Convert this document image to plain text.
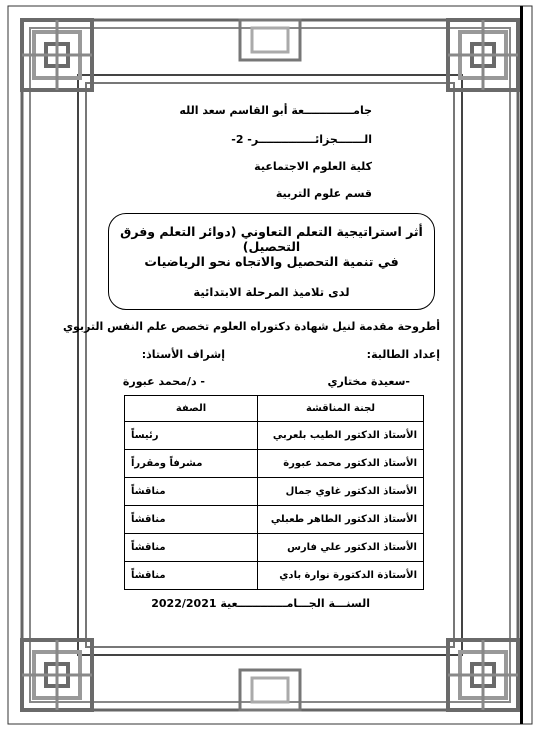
جامـــــــــــــعة أبو القاسم سعد الله
الـــــــجزائـــــــــــــــر- 2-
كلية العلوم الاجتماعية
قسم علوم التربية
أثر استراتيجية التعلم التعاوني (دوائر التعلم وفرق التحصيل)
في تنمية التحصيل والاتجاه نحو الرياضيات
لدى تلاميذ المرحلة الابتدائية
أطروحة مقدمة لنيل شهادة دكتوراه العلوم تخصص علم النفس التربوي
إعداد الطالبة:
إشراف الأستاذ:
-سعيدة مختاري
- د/محمد عبورة
لجنة المناقشة	الصفة
الأستاذ الدكتور الطيب بلعربي	رئيساً
الأستاذ الدكتور محمد عبورة	مشرفاً ومقرراً
الأستاذ الدكتور غاوي جمال	مناقشاً
الأستاذ الدكتور الطاهر طعبلي	مناقشاً
الأستاذ الدكتور علي فارس	مناقشاً
الأستاذة الدكتورة نوارة بادي	مناقشاً
السنـــة الجـــامـــــــــــــعية 2022/2021
